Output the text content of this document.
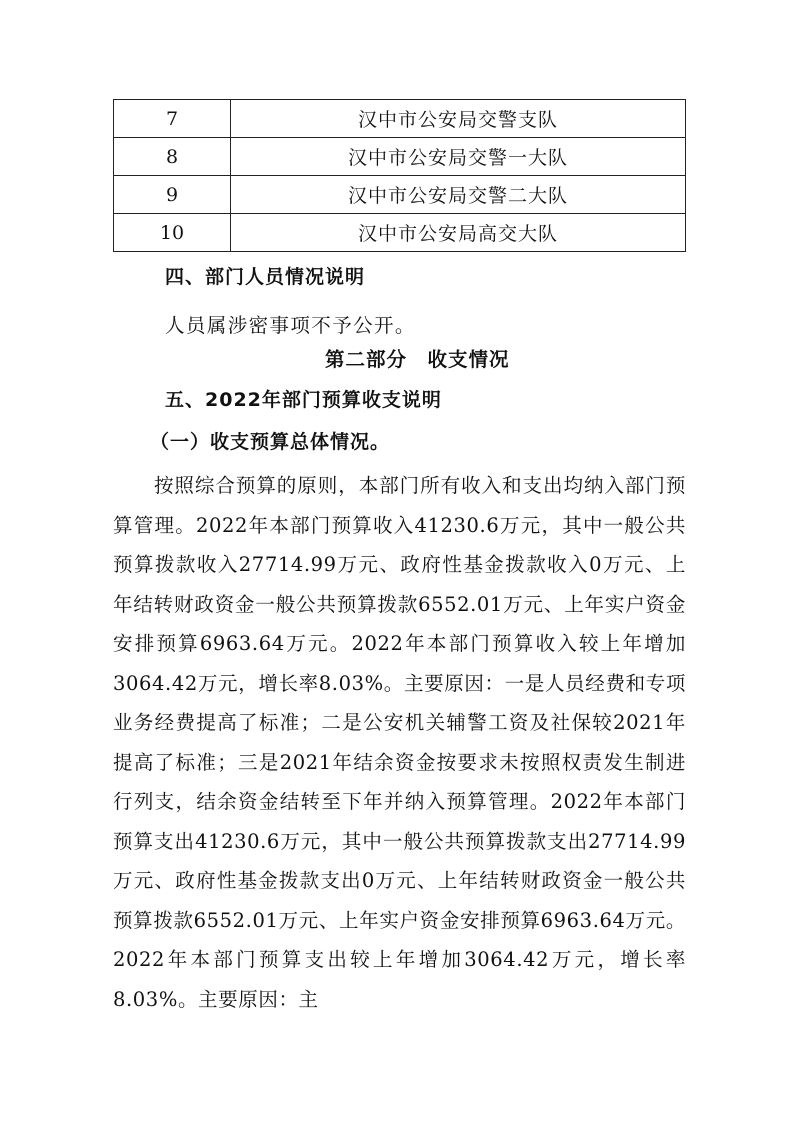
7	汉中市公安局交警支队
8	汉中市公安局交警一大队
9	汉中市公安局交警二大队
10	汉中市公安局高交大队
四、部门人员情况说明
人员属涉密事项不予公开。
第二部分　收支情况
五、2022年部门预算收支说明
（一）收支预算总体情况。
按照综合预算的原则，本部门所有收入和支出均纳入部门预算管理。2022年本部门预算收入41230.6万元，其中一般公共预算拨款收入27714.99万元、政府性基金拨款收入0万元、上年结转财政资金一般公共预算拨款6552.01万元、上年实户资金安排预算6963.64万元。2022年本部门预算收入较上年增加3064.42万元，增长率8.03%。主要原因：一是人员经费和专项业务经费提高了标准；二是公安机关辅警工资及社保较2021年提高了标准；三是2021年结余资金按要求未按照权责发生制进行列支，结余资金结转至下年并纳入预算管理。2022年本部门预算支出41230.6万元，其中一般公共预算拨款支出27714.99万元、政府性基金拨款支出0万元、上年结转财政资金一般公共预算拨款6552.01万元、上年实户资金安排预算6963.64万元。2022年本部门预算支出较上年增加3064.42万元，增长率8.03%。主要原因：主
